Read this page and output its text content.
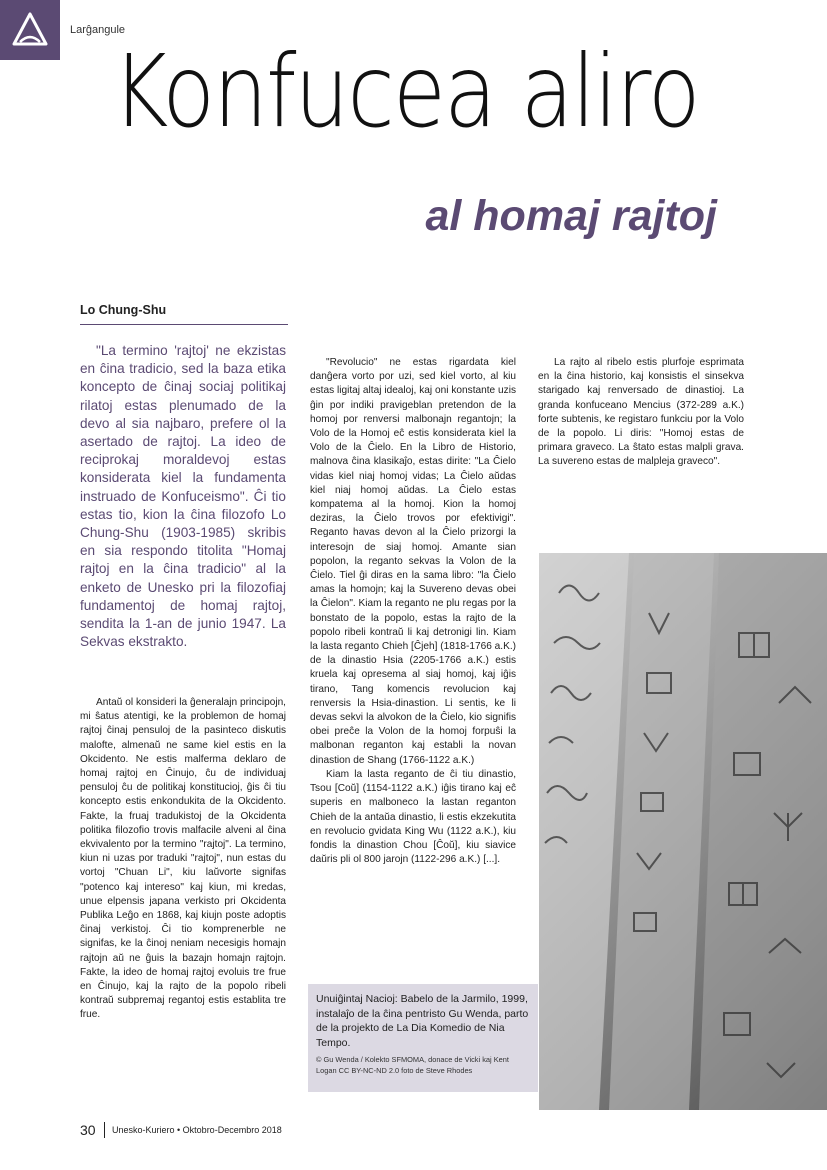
Larĝangule
Konfucea aliro
al homaj rajtoj
Lo Chung-Shu

"La termino 'rajtoj' ne ekzistas en ĉina tradicio, sed la baza etika koncepto de ĉinaj sociaj politikaj rilatoj estas plenumado de la devo al sia najbaro, prefere ol la asertado de rajtoj. La ideo de reciprokaj moraldevoj estas konsiderata kiel la fundamenta instruado de Konfuceismo". Ĉi tio estas tio, kion la ĉina filozofo Lo Chung-Shu (1903-1985) skribis en sia respondo titolita "Homaj rajtoj en la ĉina tradicio" al la enketo de Unesko pri la filozofiaj fundamentoj de homaj rajtoj, sendita la 1-an de junio 1947. La Sekvas ekstrakto.

Antaŭ ol konsideri la ĝeneralajn principojn, mi ŝatus atentigi, ke la problemon de homaj rajtoj ĉinaj pensuloj de la pasinteco diskutis malofte, almenaŭ ne same kiel estis en la Okcidento. Ne estis malferma deklaro de homaj rajtoj en Ĉinujo, ĉu de individuaj pensuloj ĉu de politikaj konstitucioj, ĝis ĉi tiu koncepto estis enkondukita de la Okcidento. Fakte, la fruaj tradukistoj de la Okcidenta politika filozofio trovis malfacile alveni al ĉina ekvivalento por la termino "rajtoj". La termino, kiun ni uzas por traduki "rajtoj", nun estas du vortoj "Chuan Li", kiu laŭvorte signifas "potenco kaj intereso" kaj kiun, mi kredas, unue elpensis japana verkisto pri Okcidenta Publika Leĝo en 1868, kaj kiujn poste adoptis ĉinaj verkistoj. Ĉi tio komprenerble ne signifas, ke la ĉinoj neniam necesigis homajn rajtojn aŭ ne ĝuis la bazajn homajn rajtojn. Fakte, la ideo de homaj rajtoj evoluis tre frue en Ĉinujo, kaj la rajto de la popolo ribeli kontraŭ subpremaj regantoj estis establita tre frue.

"Revolucio" ne estas rigardata kiel danĝera vorto por uzi, sed kiel vorto, al kiu estas ligitaj altaj idealoj, kaj oni konstante uzis ĝin por indiki pravigeblan pretendon de la homoj por renversi malbonajn regantojn; la Volo de la Homoj eĉ estis konsiderata kiel la Volo de la Ĉielo. En la Libro de Historio, malnova ĉina klasikaĵo, estas dirite: "La Ĉielo vidas kiel niaj homoj vidas; La Ĉielo aŭdas kiel niaj homoj aŭdas. La Ĉielo estas kompatema al la homoj. Kion la homoj deziras, la Ĉielo trovos por efektivigi". Reganto havas devon al la Ĉielo prizorgi la interesojn de siaj homoj. Amante sian popolon, la reganto sekvas la Volon de la Ĉielo. Tiel ĝi diras en la sama libro: "la Ĉielo amas la homojn; kaj la Suvereno devas obei la Ĉielon". Kiam la reganto ne plu regas por la bonstato de la popolo, estas la rajto de la popolo ribeli kontraŭ li kaj detronigi lin. Kiam la lasta reganto Chieh [Ĉjeh] (1818-1766 a.K.) de la dinastio Hsia (2205-1766 a.K.) estis kruela kaj opresema al siaj homoj, kaj iĝis tirano, Tang komencis revolucion kaj renversis la Hsia-dinastion. Li sentis, ke li devas sekvi la alvokon de la Ĉielo, kio signifis obei preĉe la Volon de la homoj forpuŝi la malbonan reganton kaj establi la novan dinastion de Shang (1766-1122 a.K.)

Kiam la lasta reganto de ĉi tiu dinastio, Tsou [Coŭ] (1154-1122 a.K.) iĝis tirano kaj eĉ superis en malboneco la lastan reganton Chieh de la antaŭa dinastio, li estis ekzekutita en revolucio gvidata King Wu (1122 a.K.), kiu fondis la dinastion Chou [Ĉoŭ], kiu siavice daŭris pli ol 800 jarojn (1122-296 a.K.) [...].

La rajto al ribelo estis plurfoje esprimata en la ĉina historio, kaj konsistis el sinsekva starigado kaj renversado de dinastioj. La granda konfuceano Mencius (372-289 a.K.) forte subtenis, ke registaro funkciu por la Volo de la popolo. Li diris: "Homoj estas de primara graveco. La ŝtato estas malpli grava. La suvereno estas de malpleja graveco".

Unuiĝintaj Nacioj: Babelo de la Jarmilo, 1999, instalaĵo de la ĉina pentristo Gu Wenda, parto de la projekto de La Dia Komedio de Nia Tempo.

© Gu Wenda / Kolekto SFMOMA, donace de Vicki kaj Kent Logan CC BY-NC-ND 2.0 foto de Steve Rhodes

30 Unesko-Kuriero • Oktobro-Decembro 2018
